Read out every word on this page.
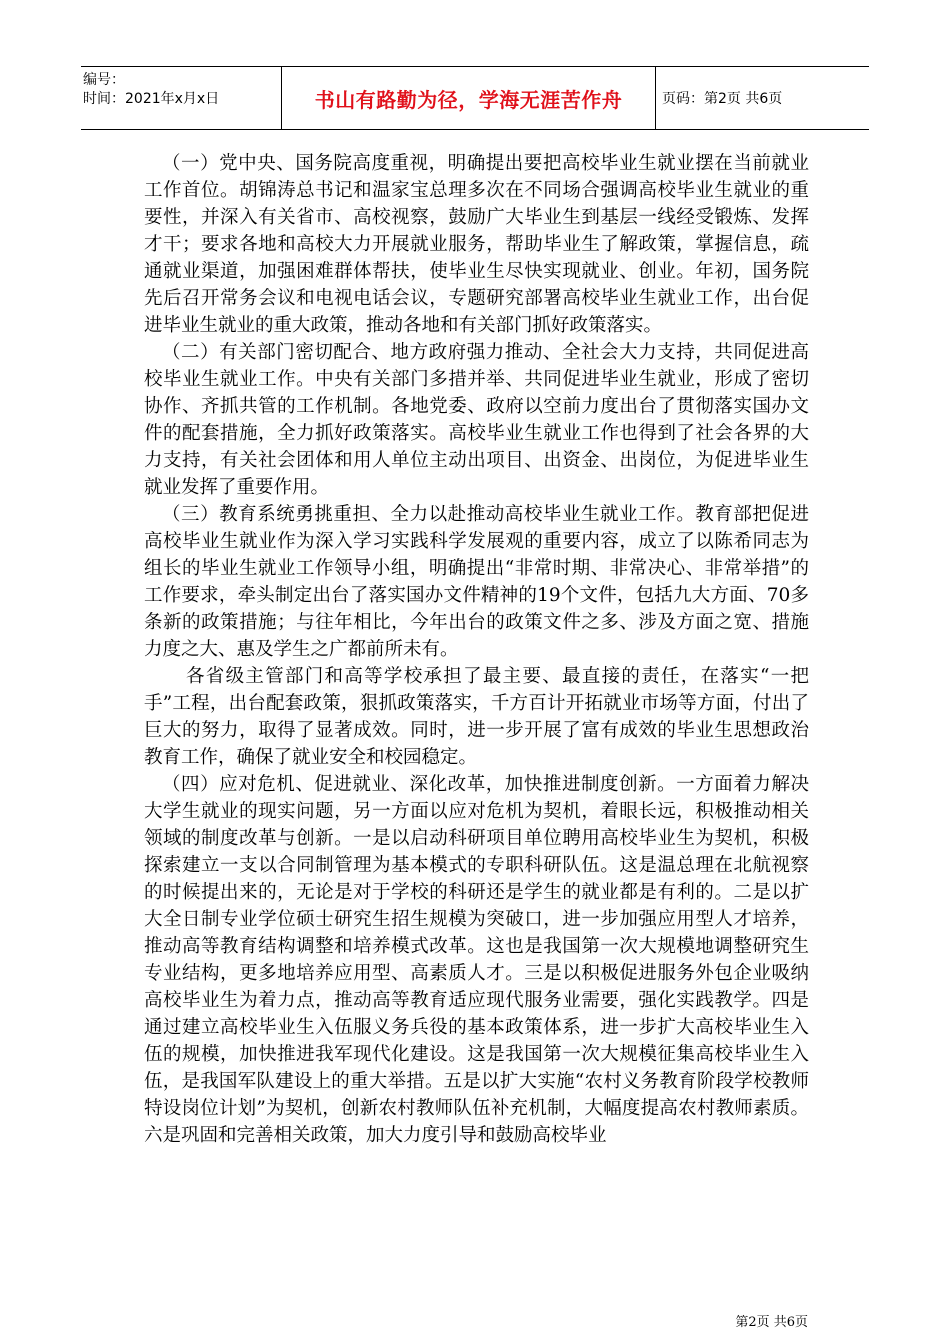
编号：
时间：2021年x月x日	书山有路勤为径，学海无涯苦作舟	页码：第2页 共6页

（一）党中央、国务院高度重视，明确提出要把高校毕业生就业摆在当前就业工作首位。胡锦涛总书记和温家宝总理多次在不同场合强调高校毕业生就业的重要性，并深入有关省市、高校视察，鼓励广大毕业生到基层一线经受锻炼、发挥才干；要求各地和高校大力开展就业服务，帮助毕业生了解政策，掌握信息，疏通就业渠道，加强困难群体帮扶，使毕业生尽快实现就业、创业。年初，国务院先后召开常务会议和电视电话会议，专题研究部署高校毕业生就业工作，出台促进毕业生就业的重大政策，推动各地和有关部门抓好政策落实。

（二）有关部门密切配合、地方政府强力推动、全社会大力支持，共同促进高校毕业生就业工作。中央有关部门多措并举、共同促进毕业生就业，形成了密切协作、齐抓共管的工作机制。各地党委、政府以空前力度出台了贯彻落实国办文件的配套措施，全力抓好政策落实。高校毕业生就业工作也得到了社会各界的大力支持，有关社会团体和用人单位主动出项目、出资金、出岗位，为促进毕业生就业发挥了重要作用。

（三）教育系统勇挑重担、全力以赴推动高校毕业生就业工作。教育部把促进高校毕业生就业作为深入学习实践科学发展观的重要内容，成立了以陈希同志为组长的毕业生就业工作领导小组，明确提出“非常时期、非常决心、非常举措”的工作要求，牵头制定出台了落实国办文件精神的19个文件，包括九大方面、70多条新的政策措施；与往年相比，今年出台的政策文件之多、涉及方面之宽、措施力度之大、惠及学生之广都前所未有。

各省级主管部门和高等学校承担了最主要、最直接的责任，在落实“一把手”工程，出台配套政策，狠抓政策落实，千方百计开拓就业市场等方面，付出了巨大的努力，取得了显著成效。同时，进一步开展了富有成效的毕业生思想政治教育工作，确保了就业安全和校园稳定。

（四）应对危机、促进就业、深化改革，加快推进制度创新。一方面着力解决大学生就业的现实问题，另一方面以应对危机为契机，着眼长远，积极推动相关领域的制度改革与创新。一是以启动科研项目单位聘用高校毕业生为契机，积极探索建立一支以合同制管理为基本模式的专职科研队伍。这是温总理在北航视察的时候提出来的，无论是对于学校的科研还是学生的就业都是有利的。二是以扩大全日制专业学位硕士研究生招生规模为突破口，进一步加强应用型人才培养，推动高等教育结构调整和培养模式改革。这也是我国第一次大规模地调整研究生专业结构，更多地培养应用型、高素质人才。三是以积极促进服务外包企业吸纳高校毕业生为着力点，推动高等教育适应现代服务业需要，强化实践教学。四是通过建立高校毕业生入伍服义务兵役的基本政策体系，进一步扩大高校毕业生入伍的规模，加快推进我军现代化建设。这是我国第一次大规模征集高校毕业生入伍，是我国军队建设上的重大举措。五是以扩大实施“农村义务教育阶段学校教师特设岗位计划”为契机，创新农村教师队伍补充机制，大幅度提高农村教师素质。六是巩固和完善相关政策，加大力度引导和鼓励高校毕业

第2页 共6页
